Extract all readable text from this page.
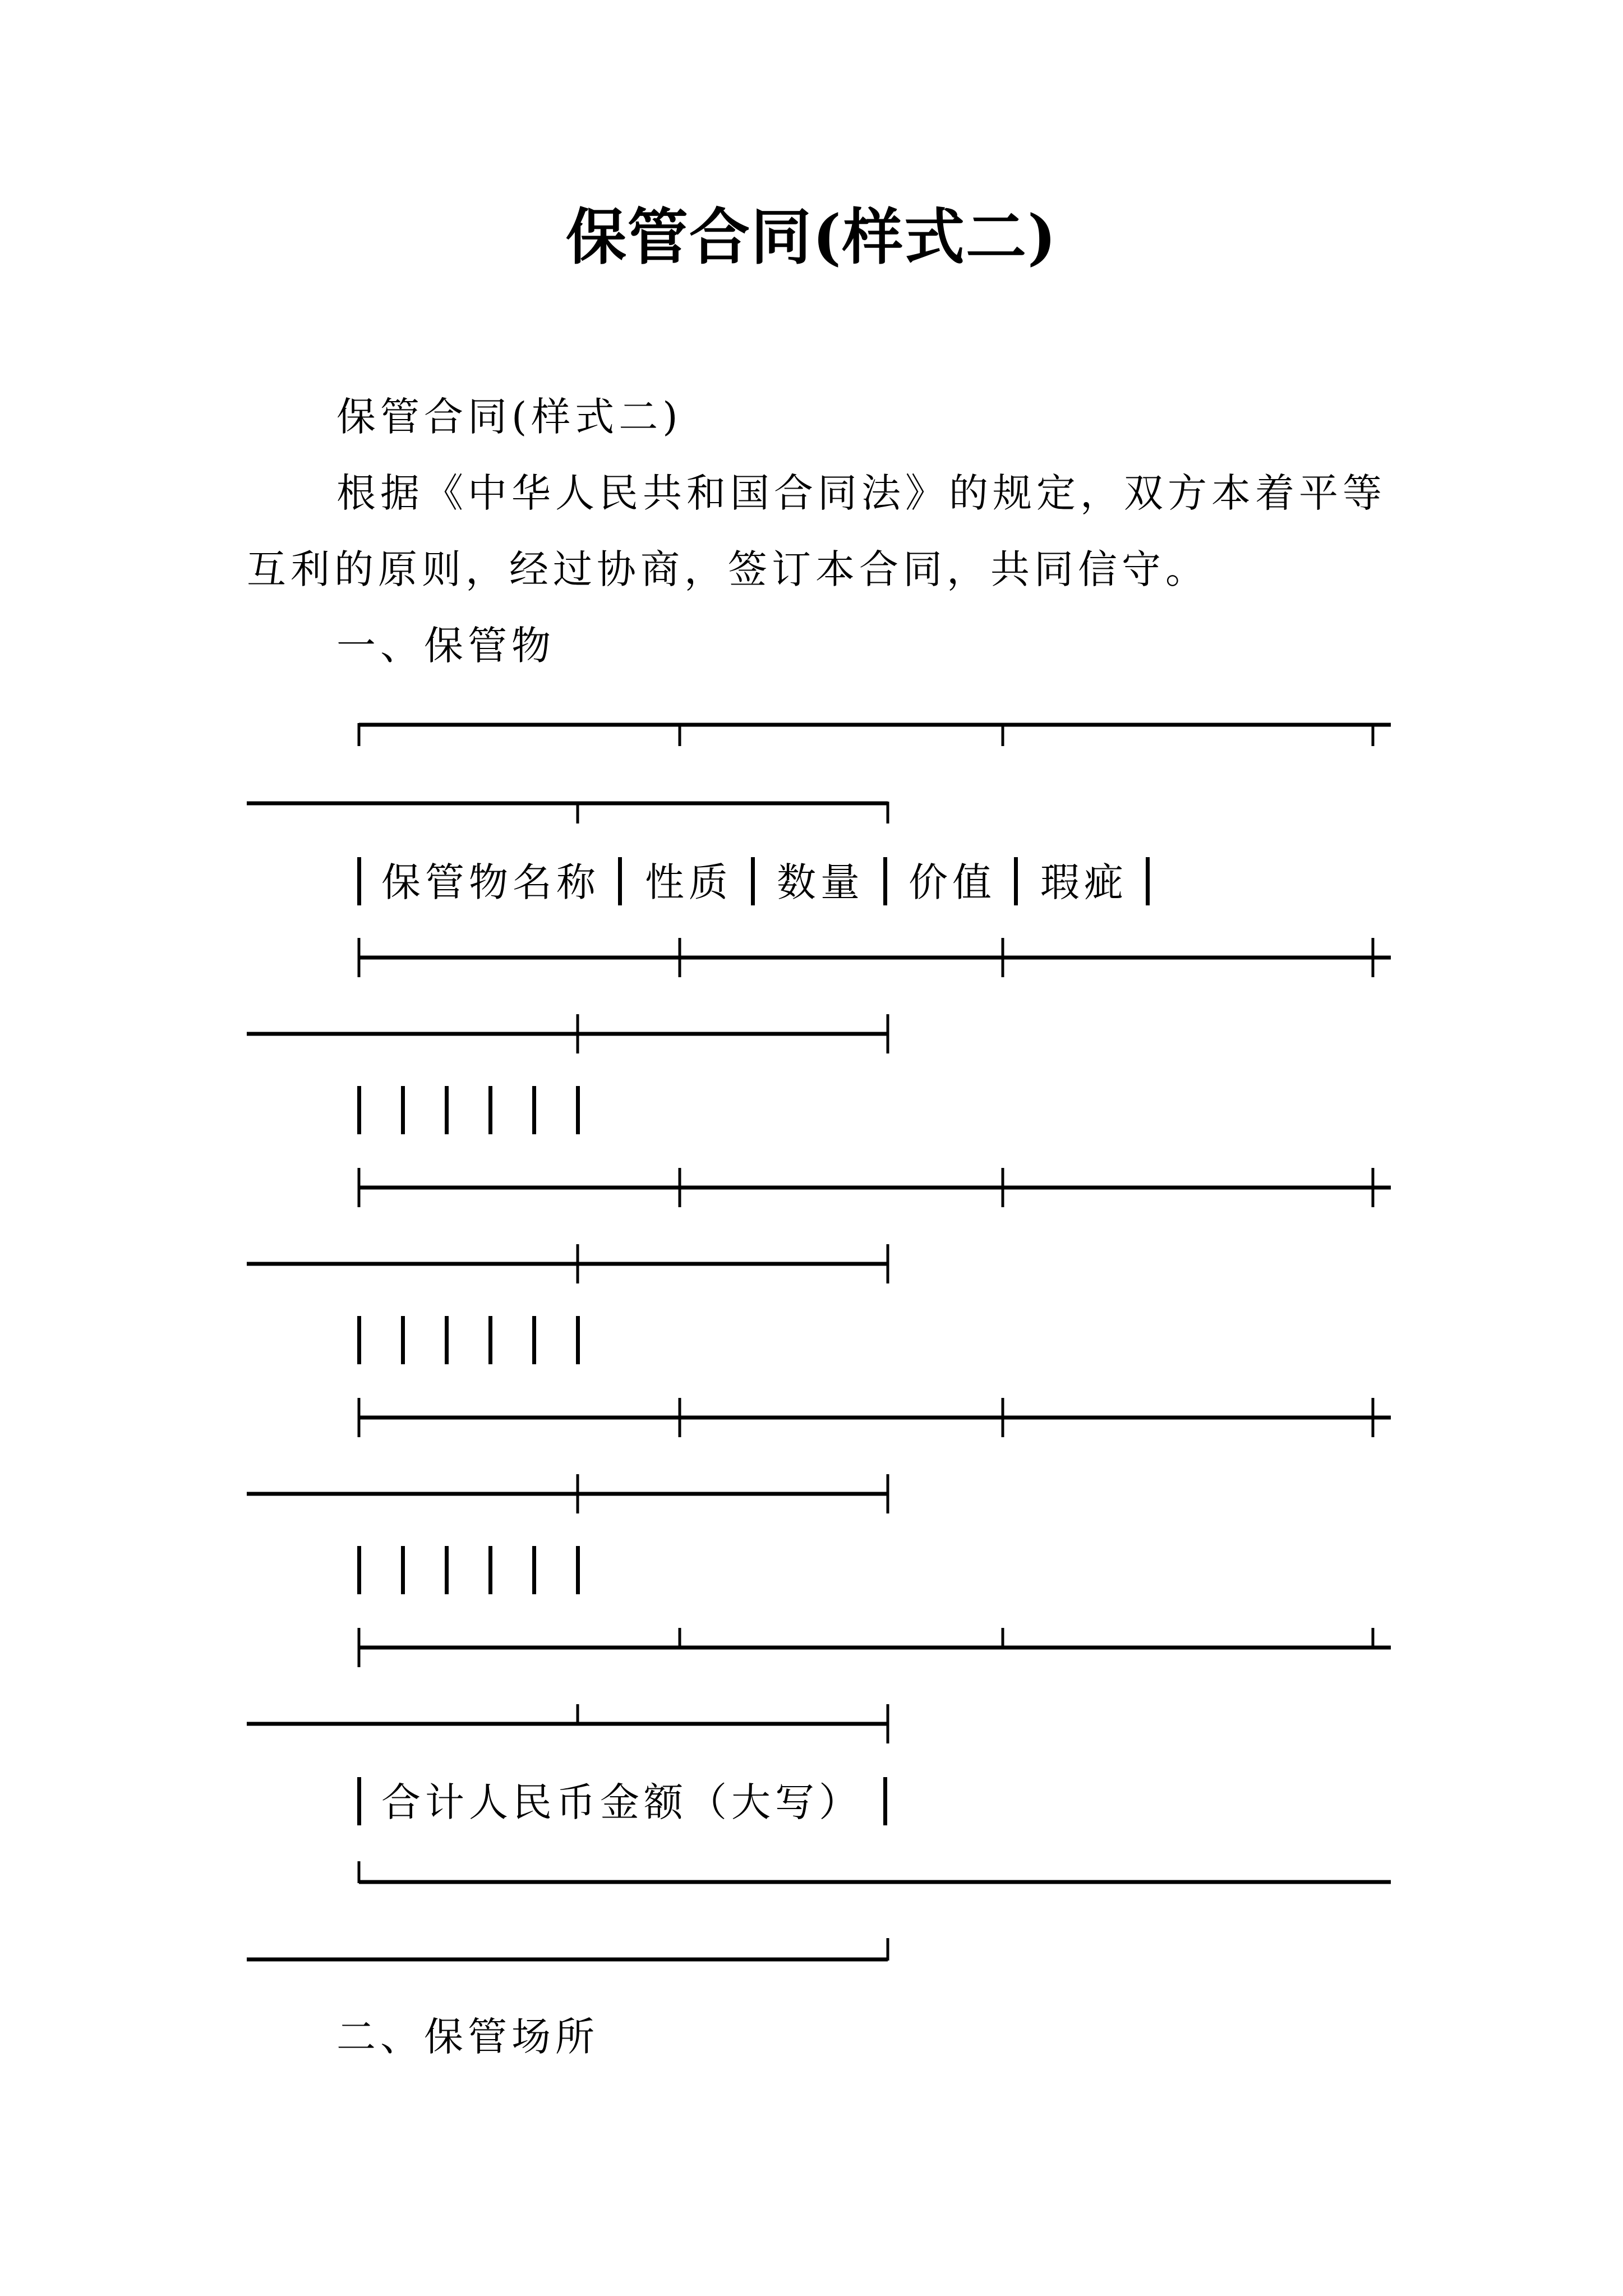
保管合同(样式二)
保管合同(样式二)
根据《中华人民共和国合同法》的规定，双方本着平等
互利的原则，经过协商，签订本合同，共同信守。
一、保管物
保管物名称 性质 数量 价值 瑕疵
合计人民币金额（大写）
二、保管场所
